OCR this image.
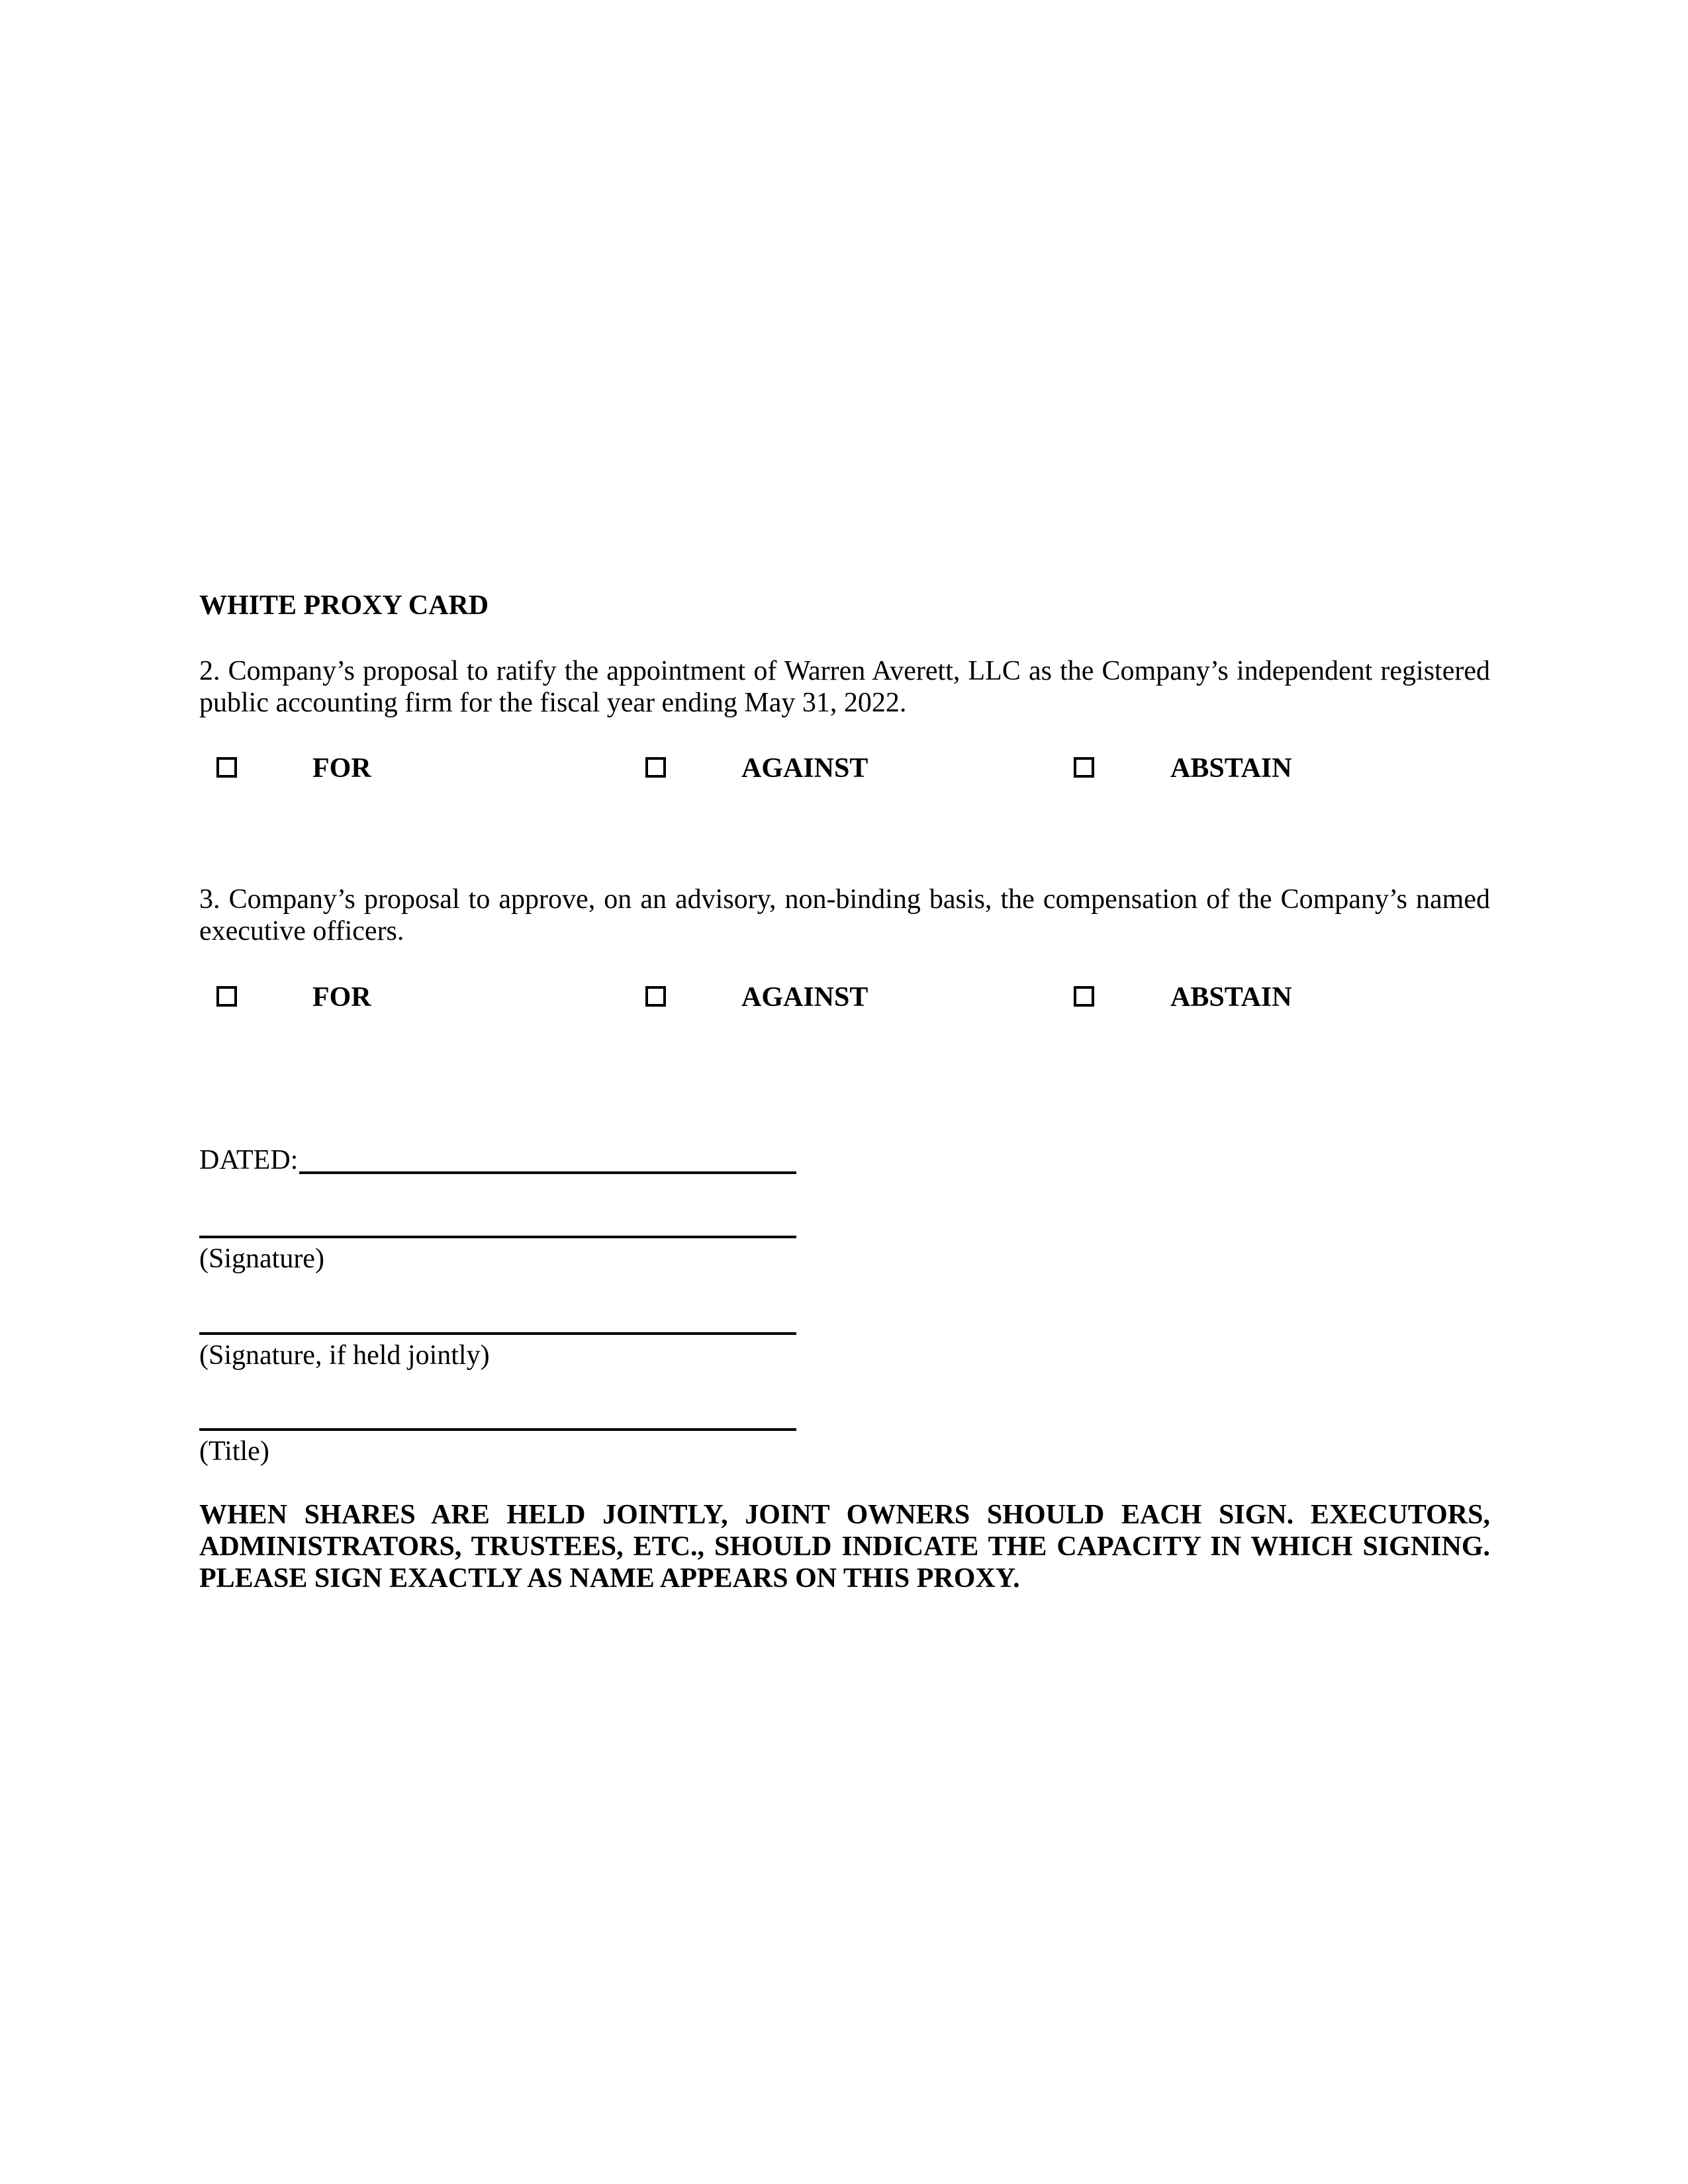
WHITE PROXY CARD
2. Company’s proposal to ratify the appointment of Warren Averett, LLC as the Company’s independent registered public accounting firm for the fiscal year ending May 31, 2022.
FOR	AGAINST	ABSTAIN
3. Company’s proposal to approve, on an advisory, non-binding basis, the compensation of the Company’s named executive officers.
FOR	AGAINST	ABSTAIN
DATED:
(Signature)
(Signature, if held jointly)
(Title)
WHEN SHARES ARE HELD JOINTLY, JOINT OWNERS SHOULD EACH SIGN. EXECUTORS, ADMINISTRATORS, TRUSTEES, ETC., SHOULD INDICATE THE CAPACITY IN WHICH SIGNING. PLEASE SIGN EXACTLY AS NAME APPEARS ON THIS PROXY.
